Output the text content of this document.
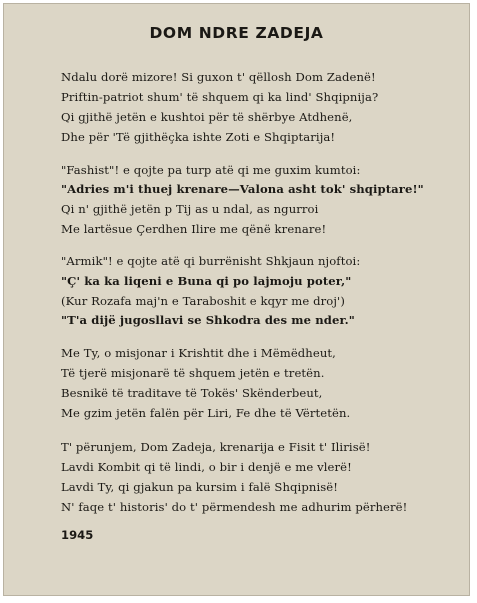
DOM NDRE ZADEJA
Ndalu dorë mizore! Si guxon t' qëllosh Dom Zadenë!
Priftin-patriot shum' të shquem qi ka lind' Shqipnija?
Qi gjithë jetën e kushtoi për të shërbye Atdhenë,
Dhe për 'Të gjithëçka ishte Zoti e Shqiptarija!
"Fashist"! e qojte pa turp atë qi me guxim kumtoi:
"Adries m'i thuej krenare—Valona asht tok' shqiptare!"
Qi n' gjithë jetën p Tij as u ndal, as ngurroi
Me lartësue Çerdhen Ilire me qënë krenare!
"Armik"! e qojte atë qi burrënisht Shkjaun njoftoi:
"Ç' ka ka liqeni e Buna qi po lajmoju poter,"
(Kur Rozafa maj'n e Taraboshit e kqyr me droj')
"T'a dijë jugosllavi se Shkodra des me nder."
Me Ty, o misjonar i Krishtit dhe i Mëmëdheut,
Të tjerë misjonarë të shquem jetën e tretën.
Besnikë të traditave të Tokës' Skënderbeut,
Me gzim jetën falën për Liri, Fe dhe të Vërtetën.
T' përunjem, Dom Zadeja, krenarija e Fisit t' Ilirisë!
Lavdi Kombit qi të lindi, o bir i denjë e me vlerë!
Lavdi Ty, qi gjakun pa kursim i falë Shqipnisë!
N' faqe t' historis' do t' përmendesh me adhurim përherë!
1945
